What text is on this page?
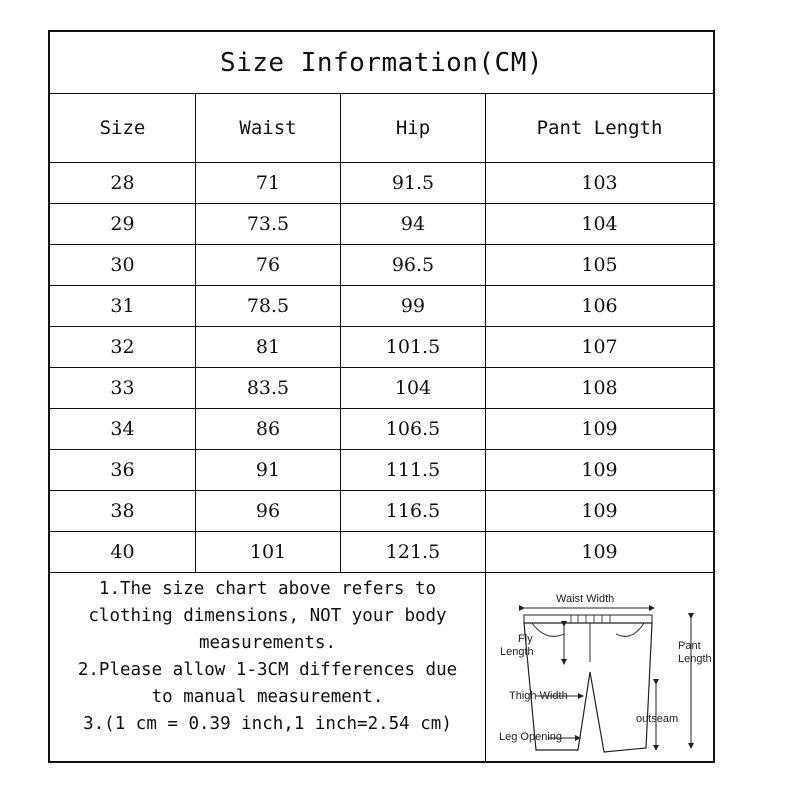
Size Information(CM)
Size	Waist	Hip	Pant Length
28	71	91.5	103
29	73.5	94	104
30	76	96.5	105
31	78.5	99	106
32	81	101.5	107
33	83.5	104	108
34	86	106.5	109
36	91	111.5	109
38	96	116.5	109
40	101	121.5	109
1.The size chart above refers to
clothing dimensions, NOT your body
measurements.
2.Please allow 1-3CM differences due
to manual measurement.
3.(1 cm = 0.39 inch,1 inch=2.54 cm)
Waist Width
Fly
Length	Pant
Length
outseam
Thigh Width
Leg Opening
